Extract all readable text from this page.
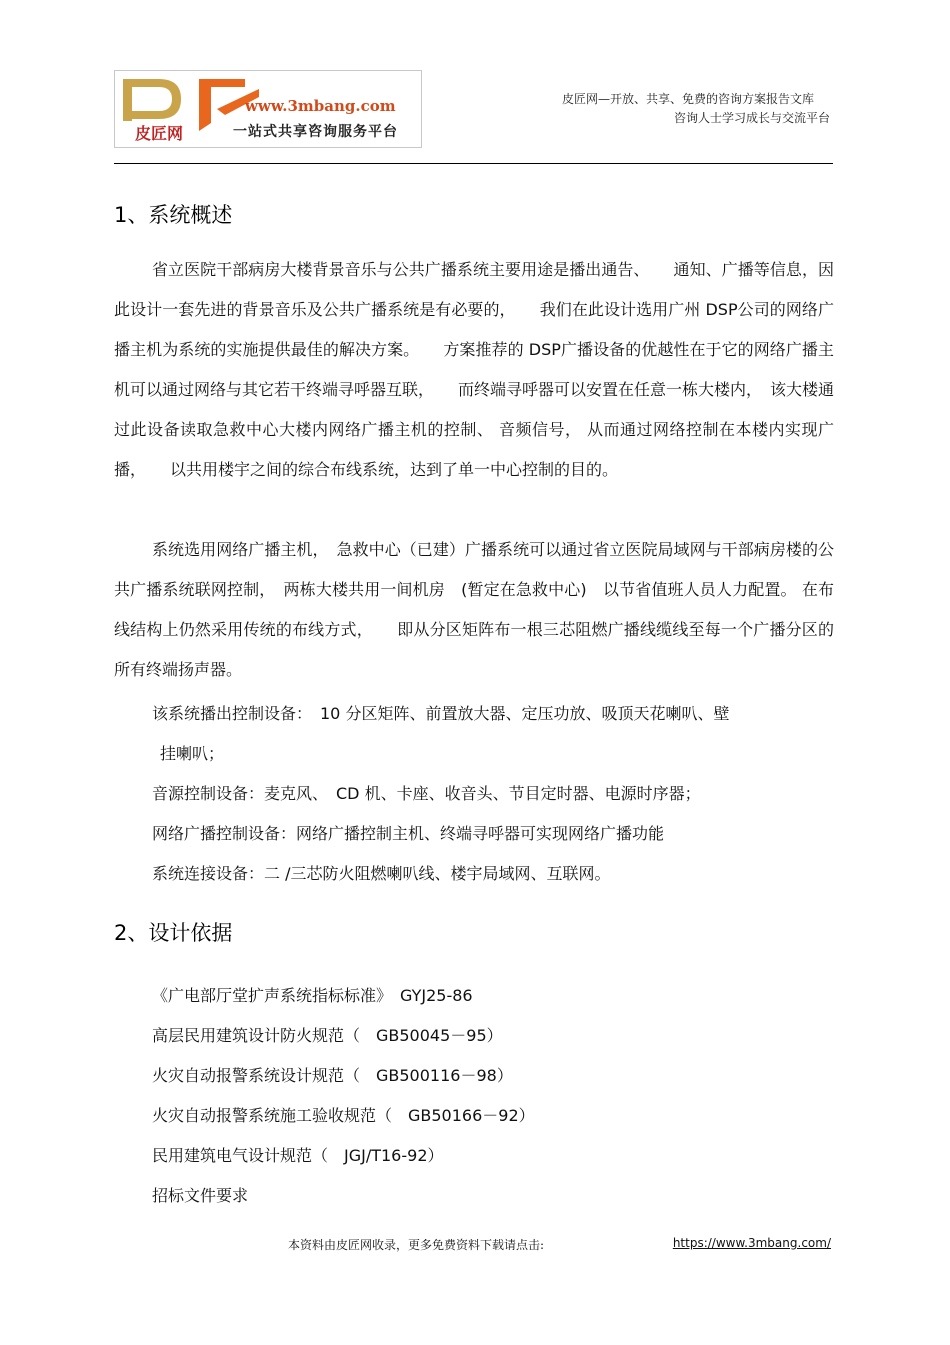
皮匠网
www.3mbang.com
一站式共享咨询服务平台
皮匠网—开放、共享、免费的咨询方案报告文库
咨询人士学习成长与交流平台
1、系统概述
省立医院干部病房大楼背景音乐与公共广播系统主要用途是播出通告、　　通知、广播等信息，因此设计一套先进的背景音乐及公共广播系统是有必要的，　　我们在此设计选用广州 DSP公司的网络广播主机为系统的实施提供最佳的解决方案。　　方案推荐的 DSP广播设备的优越性在于它的网络广播主机可以通过网络与其它若干终端寻呼器互联，　　而终端寻呼器可以安置在任意一栋大楼内，　该大楼通过此设备读取急救中心大楼内网络广播主机的控制、 音频信号， 从而通过网络控制在本楼内实现广播，　　以共用楼宇之间的综合布线系统，达到了单一中心控制的目的。
系统选用网络广播主机，　急救中心（已建）广播系统可以通过省立医院局域网与干部病房楼的公共广播系统联网控制，　两栋大楼共用一间机房　(暂定在急救中心)　以节省值班人员人力配置。 在布线结构上仍然采用传统的布线方式，　　即从分区矩阵布一根三芯阻燃广播线缆线至每一个广播分区的所有终端扬声器。
该系统播出控制设备：　10 分区矩阵、前置放大器、定压功放、吸顶天花喇叭、壁
挂喇叭；
音源控制设备：麦克风、　CD 机、卡座、收音头、节目定时器、电源时序器；
网络广播控制设备：网络广播控制主机、终端寻呼器可实现网络广播功能
系统连接设备：二 /三芯防火阻燃喇叭线、楼宇局域网、互联网。
2、设计依据
《广电部厅堂扩声系统指标标准》　GYJ25-86
高层民用建筑设计防火规范（　GB50045－95）
火灾自动报警系统设计规范（　GB500116－98）
火灾自动报警系统施工验收规范（　GB50166－92）
民用建筑电气设计规范（　JGJ/T16-92）
招标文件要求
本资料由皮匠网收录，更多免费资料下载请点击:	https://www.3mbang.com/
